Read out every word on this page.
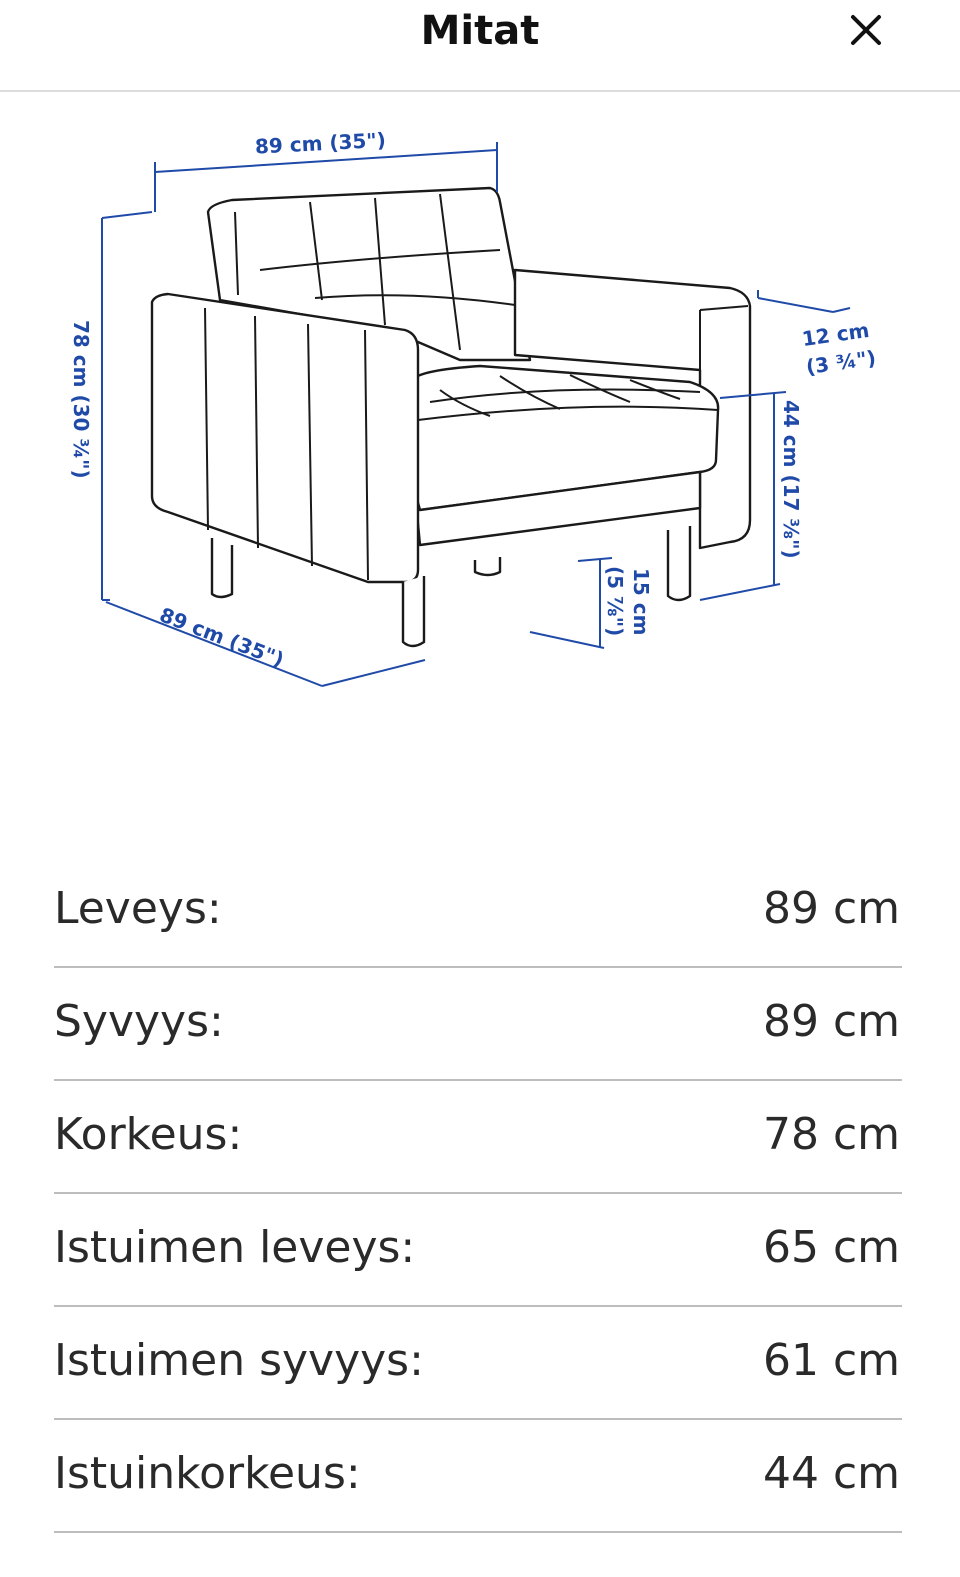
Mitat
89 cm (35")
78 cm (30 ¾")
89 cm (35")
12 cm
(3 ¾")
44 cm (17 ⅜")
15 cm
(5 ⅞")
Leveys:	89 cm
Syvyys:	89 cm
Korkeus:	78 cm
Istuimen leveys:	65 cm
Istuimen syvyys:	61 cm
Istuinkorkeus:	44 cm
